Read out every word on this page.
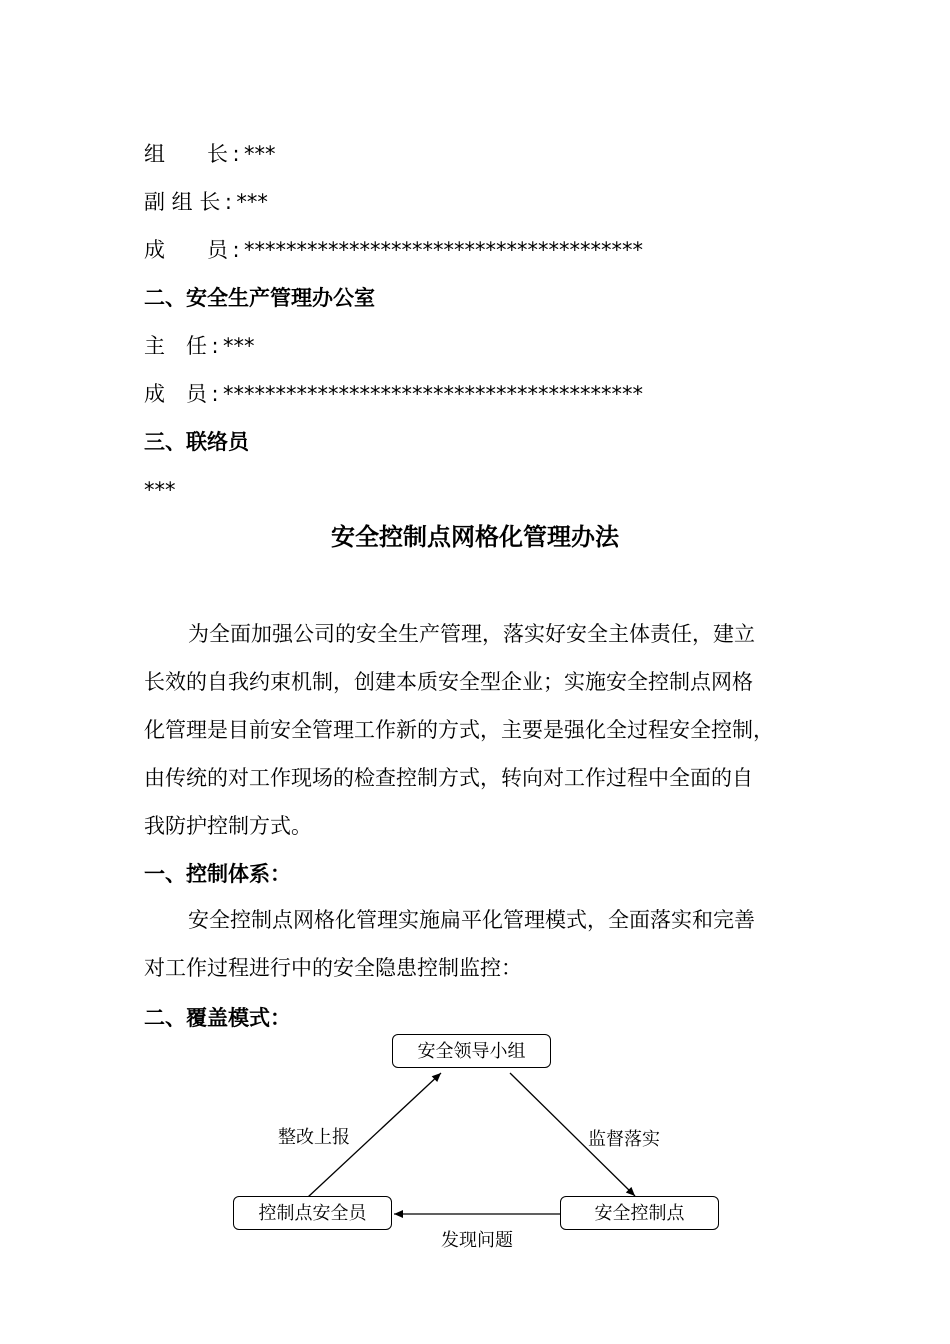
组　　长 : ***
副 组 长 : ***
成　　员 : **************************************
二、安全生产管理办公室
主　任 : ***
成　员 : ****************************************
三、联络员
***
安全控制点网格化管理办法
为全面加强公司的安全生产管理，落实好安全主体责任，建立
长效的自我约束机制，创建本质安全型企业；实施安全控制点网格
化管理是目前安全管理工作新的方式，主要是强化全过程安全控制，
由传统的对工作现场的检查控制方式，转向对工作过程中全面的自
我防护控制方式。
一、控制体系：
安全控制点网格化管理实施扁平化管理模式，全面落实和完善
对工作过程进行中的安全隐患控制监控：
二、覆盖模式：
安全领导小组
控制点安全员	安全控制点
整改上报	监督落实
发现问题
